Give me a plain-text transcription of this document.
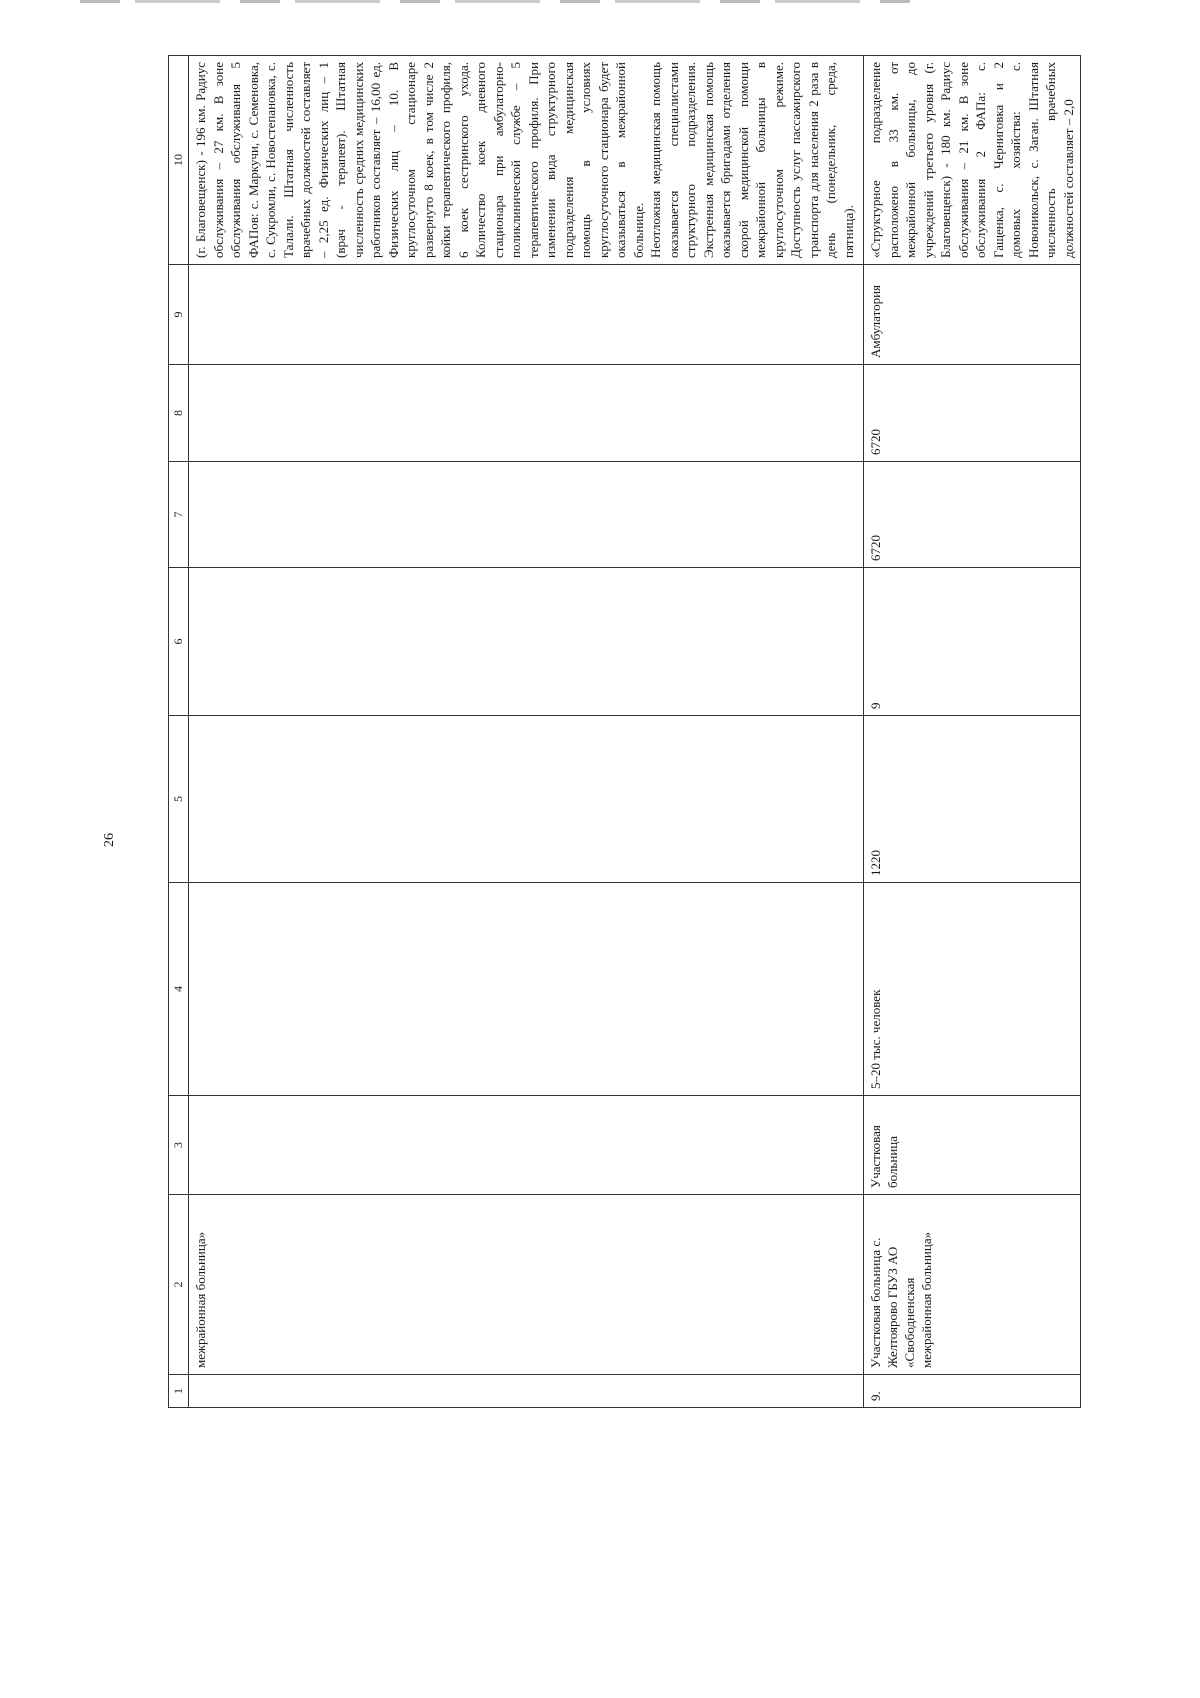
26
1	2	3	4	5	6	7	8	9	10
	межрайонная больница»								(г. Благовещенск) - 196 км. Радиус обслуживания – 27 км. В зоне обслуживания обслуживания 5 ФАПов: с. Маркучи, с. Семеновка, с. Сукромли, с. Новостепановка, с. Талали. Штатная численность врачебных должностей составляет – 2,25 ед. Физических лиц – 1 (врач - терапевт). Штатная численность средних медицинских работников составляет – 16,00 ед. Физических лиц – 10. В круглосуточном стационаре развернуто 8 коек, в том числе 2 койки терапевтического профиля, 6 коек сестринского ухода. Количество коек дневного стационара при амбулаторно-поликлинической службе – 5 терапевтического профиля. При изменении вида структурного подразделения медицинская помощь в условиях круглосуточного стационара будет оказываться в межрайонной больнице. Неотложная медицинская помощь оказывается специалистами структурного подразделения. Экстренная медицинская помощь оказывается бригадами отделения скорой медицинской помощи межрайонной больницы в круглосуточном режиме. Доступность услуг пассажирского транспорта для населения 2 раза в день (понедельник, среда, пятница).

9.	Участковая больница с. Желтоярово ГБУЗ АО «Свободненская межрайонная больница»	Участковая больница	5–20 тыс. человек	1220	9	6720	6720	Амбулатория	«Структурное подразделение расположено в 33 км. от межрайонной больницы, до учреждений третьего уровня (г. Благовещенск) - 180 км. Радиус обслуживания – 21 км. В зоне обслуживания 2 ФАПа: с. Гащенка, с. Черниговка и 2 домовых хозяйства: с. Новоникольск, с. Заган. Штатная численность врачебных должностей составляет – 2,0
